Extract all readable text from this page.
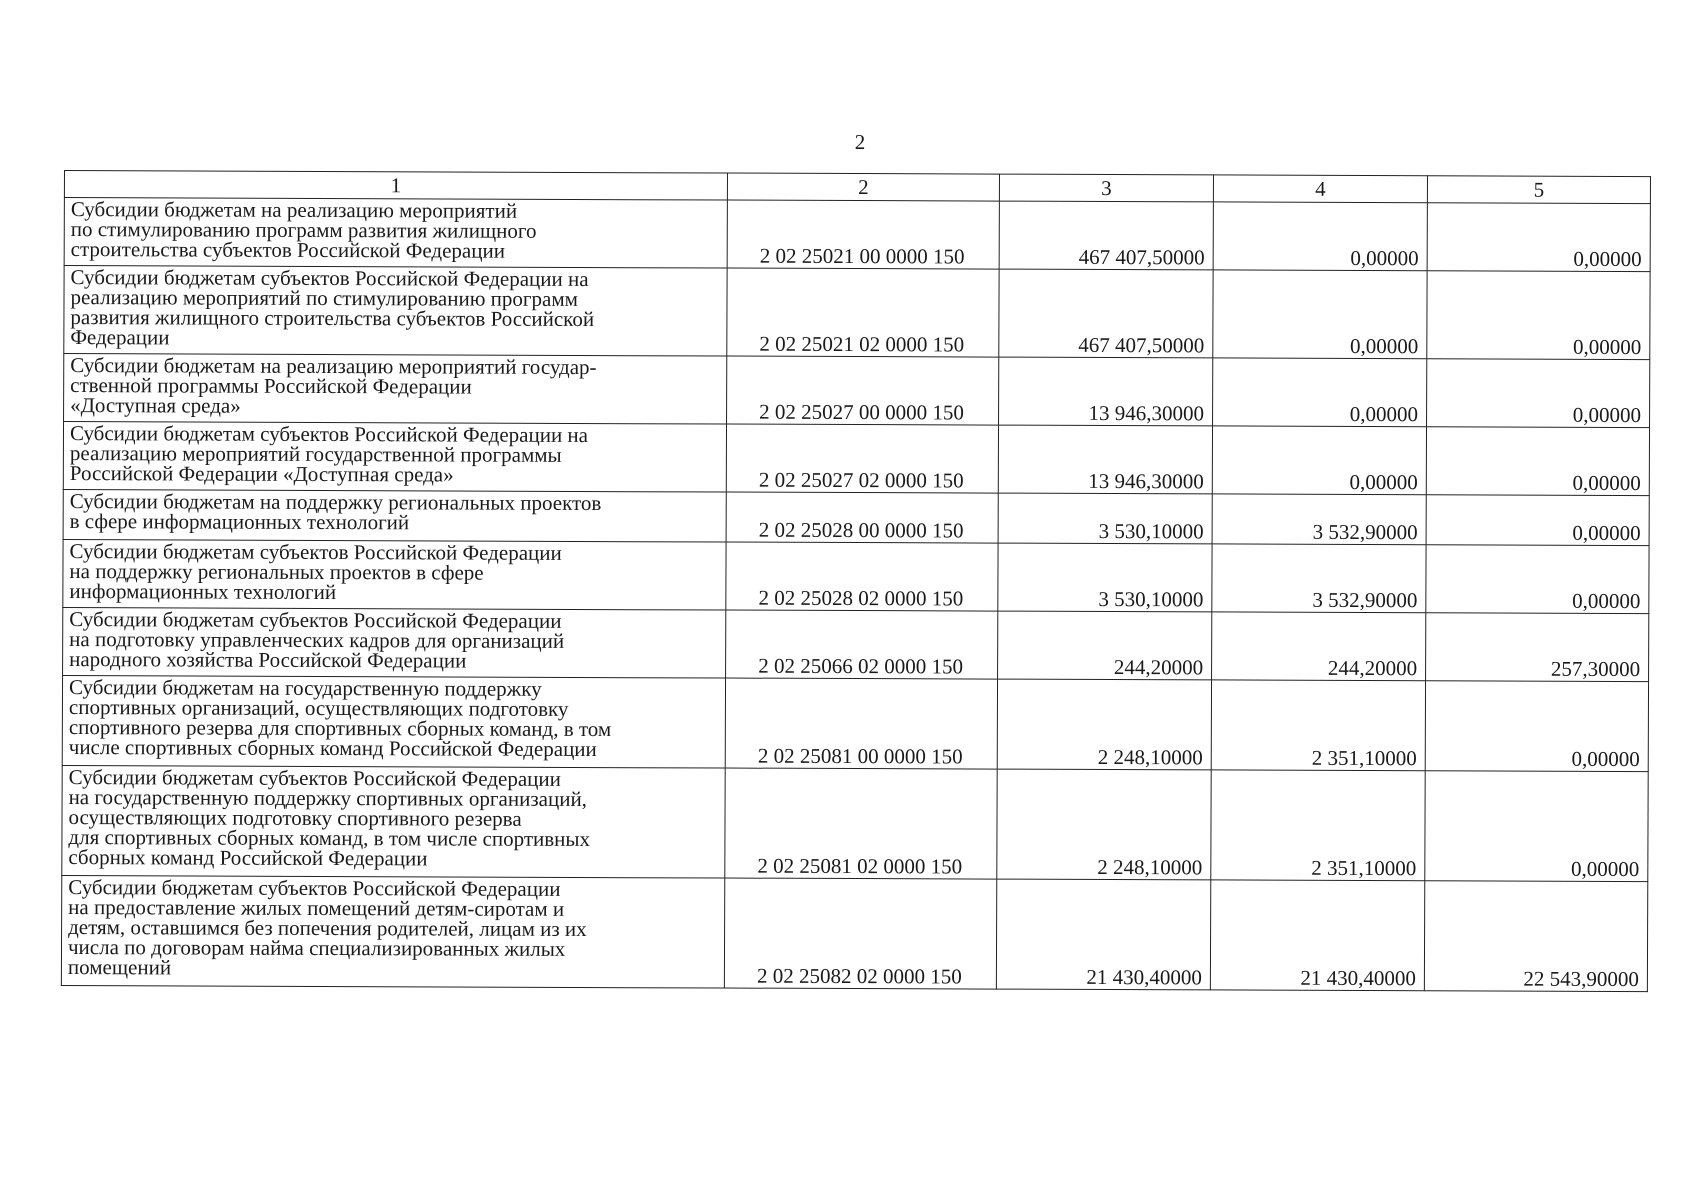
2
1	2	3	4	5
Субсидии бюджетам на реализацию мероприятий
по стимулированию программ развития жилищного
строительства субъектов Российской Федерации	2 02 25021 00 0000 150	467 407,50000	0,00000	0,00000
Субсидии бюджетам субъектов Российской Федерации на
реализацию мероприятий по стимулированию программ
развития жилищного строительства субъектов Российской
Федерации	2 02 25021 02 0000 150	467 407,50000	0,00000	0,00000
Субсидии бюджетам на реализацию мероприятий государ-
ственной программы Российской Федерации
«Доступная среда»	2 02 25027 00 0000 150	13 946,30000	0,00000	0,00000
Субсидии бюджетам субъектов Российской Федерации на
реализацию мероприятий государственной программы
Российской Федерации «Доступная среда»	2 02 25027 02 0000 150	13 946,30000	0,00000	0,00000
Субсидии бюджетам на поддержку региональных проектов
в сфере информационных технологий	2 02 25028 00 0000 150	3 530,10000	3 532,90000	0,00000
Субсидии бюджетам субъектов Российской Федерации
на поддержку региональных проектов в сфере
информационных технологий	2 02 25028 02 0000 150	3 530,10000	3 532,90000	0,00000
Субсидии бюджетам субъектов Российской Федерации
на подготовку управленческих кадров для организаций
народного хозяйства Российской Федерации	2 02 25066 02 0000 150	244,20000	244,20000	257,30000
Субсидии бюджетам на государственную поддержку
спортивных организаций, осуществляющих подготовку
спортивного резерва для спортивных сборных команд, в том
числе спортивных сборных команд Российской Федерации	2 02 25081 00 0000 150	2 248,10000	2 351,10000	0,00000
Субсидии бюджетам субъектов Российской Федерации
на государственную поддержку спортивных организаций,
осуществляющих подготовку спортивного резерва
для спортивных сборных команд, в том числе спортивных
сборных команд Российской Федерации	2 02 25081 02 0000 150	2 248,10000	2 351,10000	0,00000
Субсидии бюджетам субъектов Российской Федерации
на предоставление жилых помещений детям-сиротам и
детям, оставшимся без попечения родителей, лицам из их
числа по договорам найма специализированных жилых
помещений	2 02 25082 02 0000 150	21 430,40000	21 430,40000	22 543,90000
